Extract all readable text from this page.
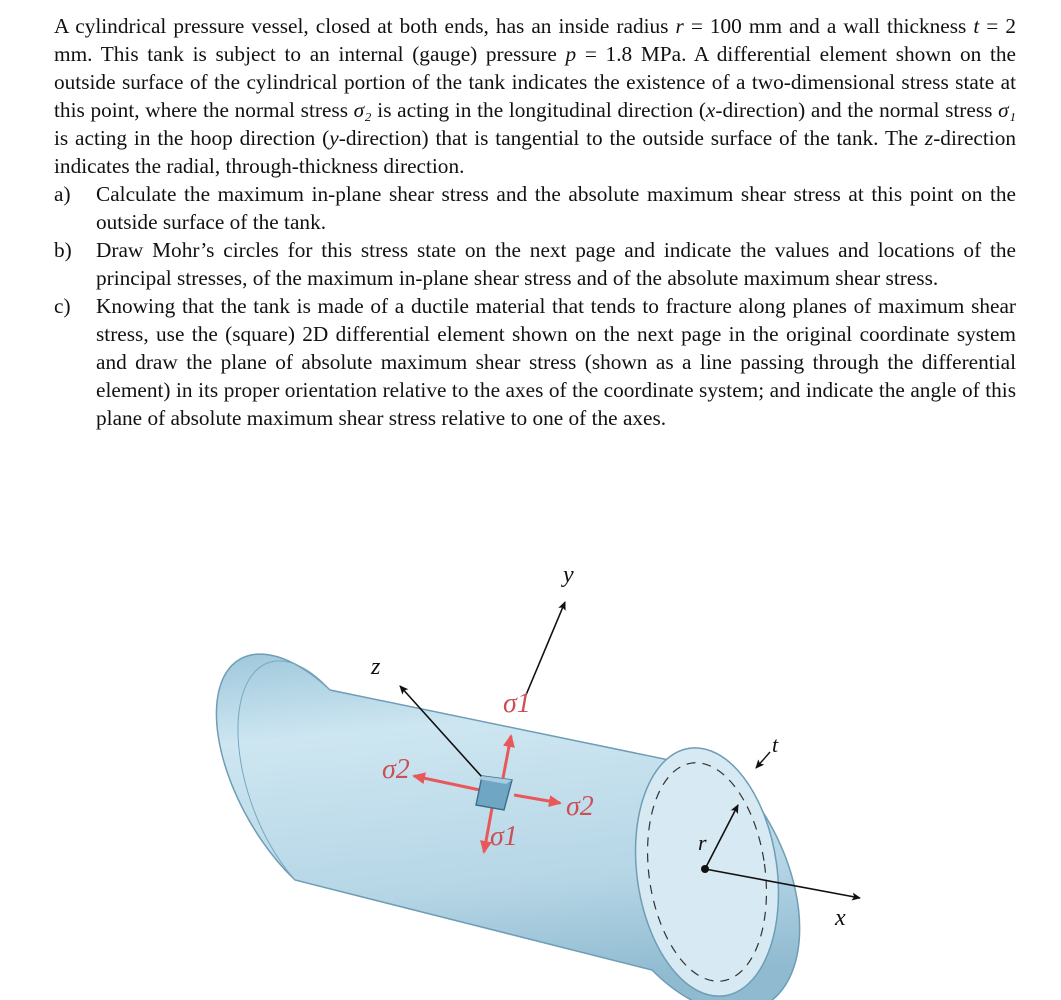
A cylindrical pressure vessel, closed at both ends, has an inside radius r = 100 mm and a wall thickness t = 2 mm. This tank is subject to an internal (gauge) pressure p = 1.8 MPa. A differential element shown on the outside surface of the cylindrical portion of the tank indicates the existence of a two-dimensional stress state at this point, where the normal stress σ₂ is acting in the longitudinal direction (x-direction) and the normal stress σ₁ is acting in the hoop direction (y-direction) that is tangential to the outside surface of the tank. The z-direction indicates the radial, through-thickness direction.

a)	Calculate the maximum in-plane shear stress and the absolute maximum shear stress at this point on the outside surface of the tank.
b)	Draw Mohr’s circles for this stress state on the next page and indicate the values and locations of the principal stresses, of the maximum in-plane shear stress and of the absolute maximum shear stress.
c)	Knowing that the tank is made of a ductile material that tends to fracture along planes of maximum shear stress, use the (square) 2D differential element shown on the next page in the original coordinate system and draw the plane of absolute maximum shear stress (shown as a line passing through the differential element) in its proper orientation relative to the axes of the coordinate system; and indicate the angle of this plane of absolute maximum shear stress relative to one of the axes.
r
t
x
y
z
σ1
σ1
σ2
σ2
